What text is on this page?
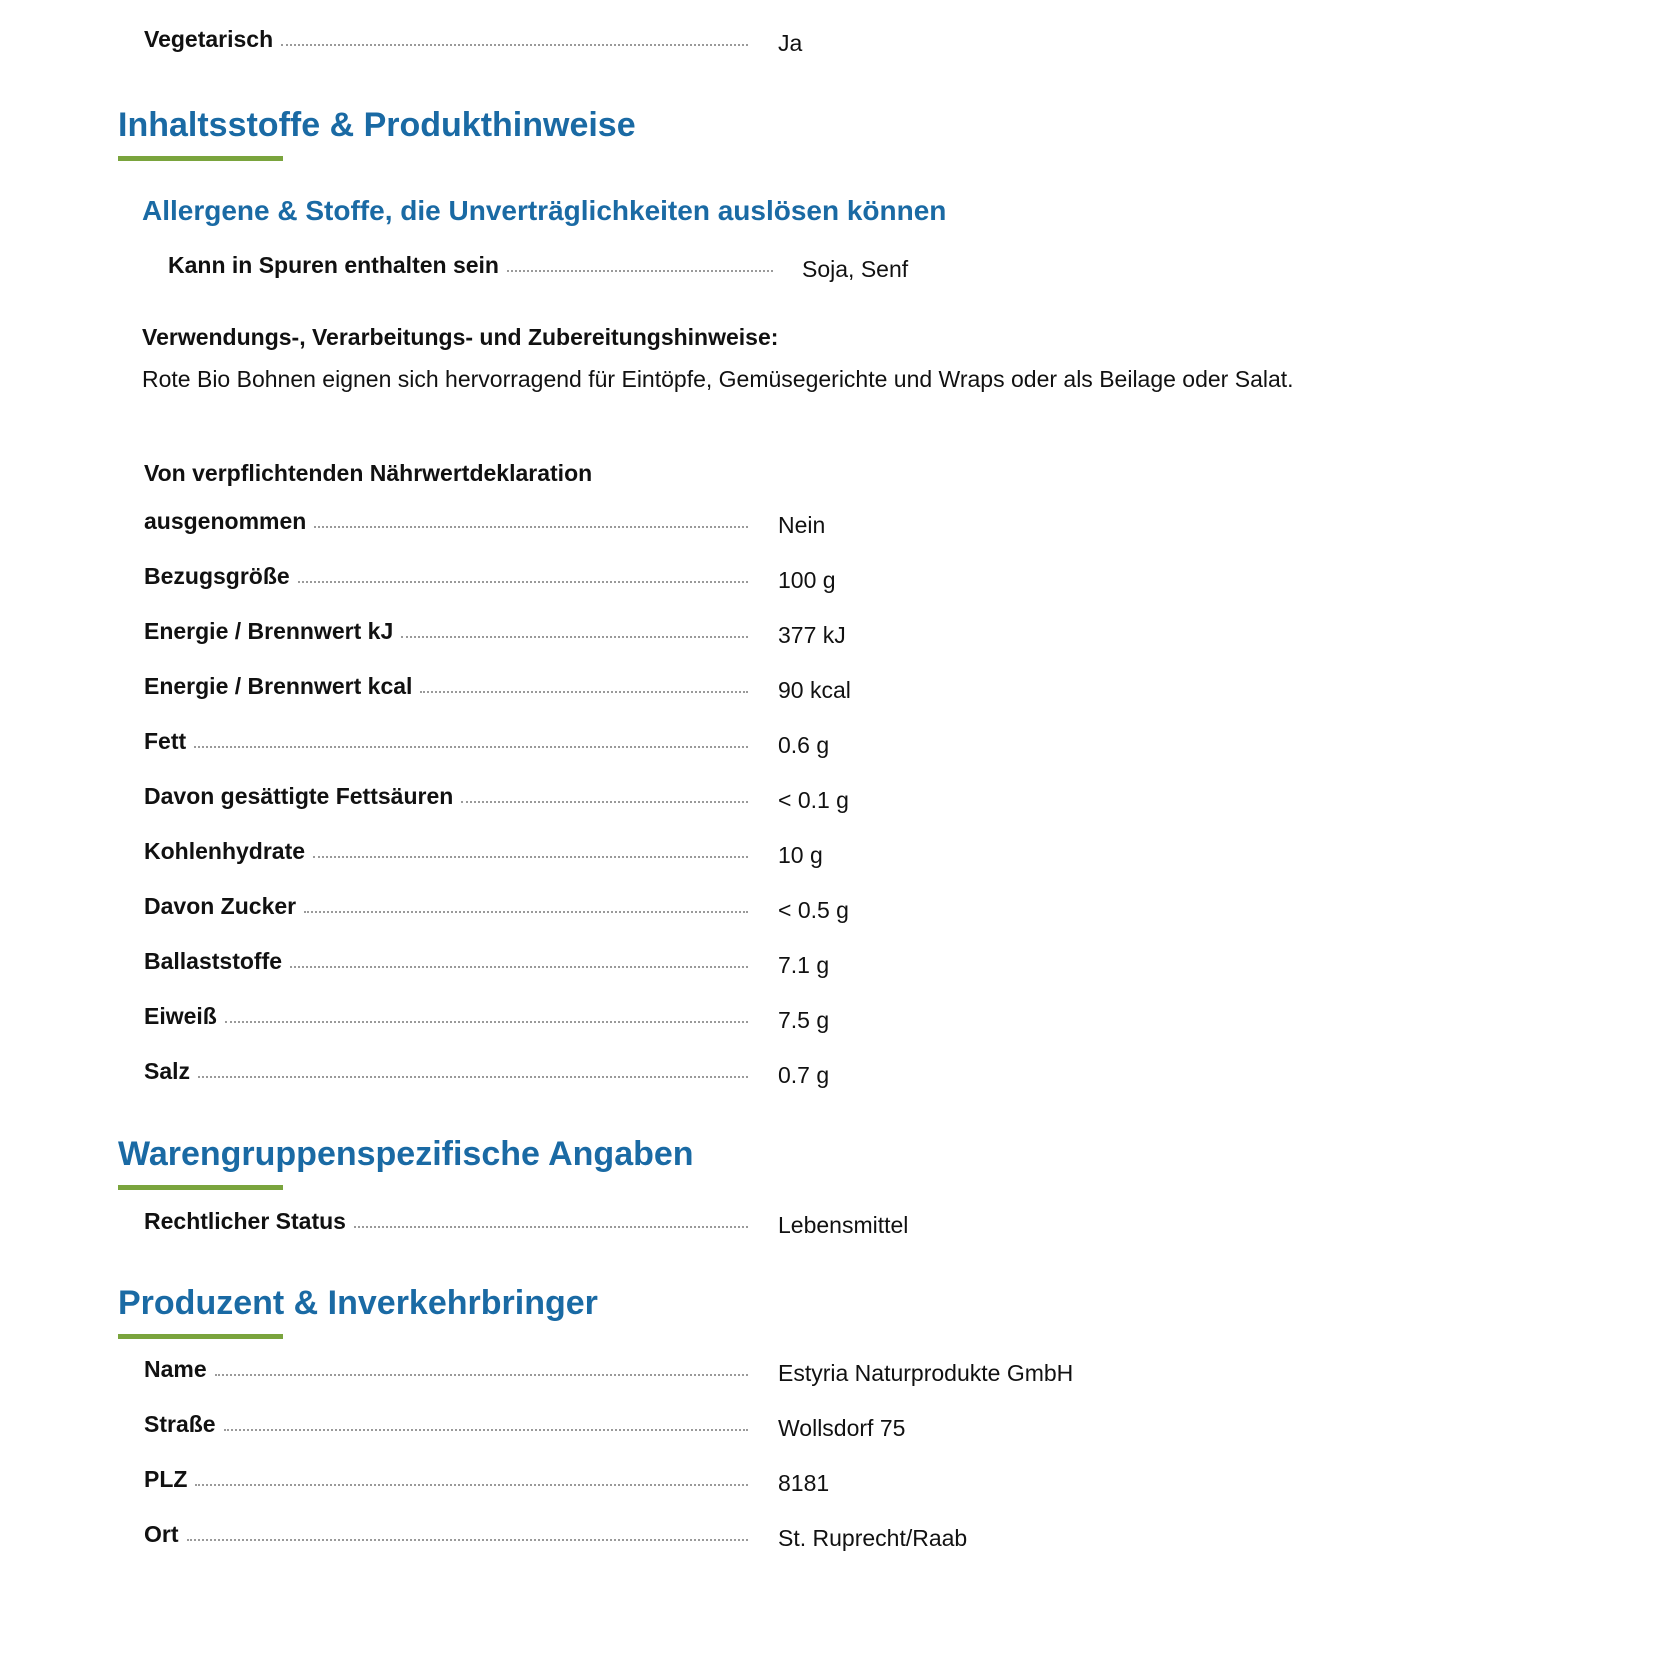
Vegetarisch	Ja
Inhaltsstoffe & Produkthinweise
Allergene & Stoffe, die Unverträglichkeiten auslösen können
Kann in Spuren enthalten sein	Soja, Senf
Verwendungs-, Verarbeitungs- und Zubereitungshinweise:
Rote Bio Bohnen eignen sich hervorragend für Eintöpfe, Gemüsegerichte und Wraps oder als Beilage oder Salat.
Von verpflichtenden Nährwertdeklaration
ausgenommen	Nein
Bezugsgröße	100 g
Energie / Brennwert kJ	377 kJ
Energie / Brennwert kcal	90 kcal
Fett	0.6 g
Davon gesättigte Fettsäuren	< 0.1 g
Kohlenhydrate	10 g
Davon Zucker	< 0.5 g
Ballaststoffe	7.1 g
Eiweiß	7.5 g
Salz	0.7 g
Warengruppenspezifische Angaben
Rechtlicher Status	Lebensmittel
Produzent & Inverkehrbringer
Name	Estyria Naturprodukte GmbH
Straße	Wollsdorf 75
PLZ	8181
Ort	St. Ruprecht/Raab
